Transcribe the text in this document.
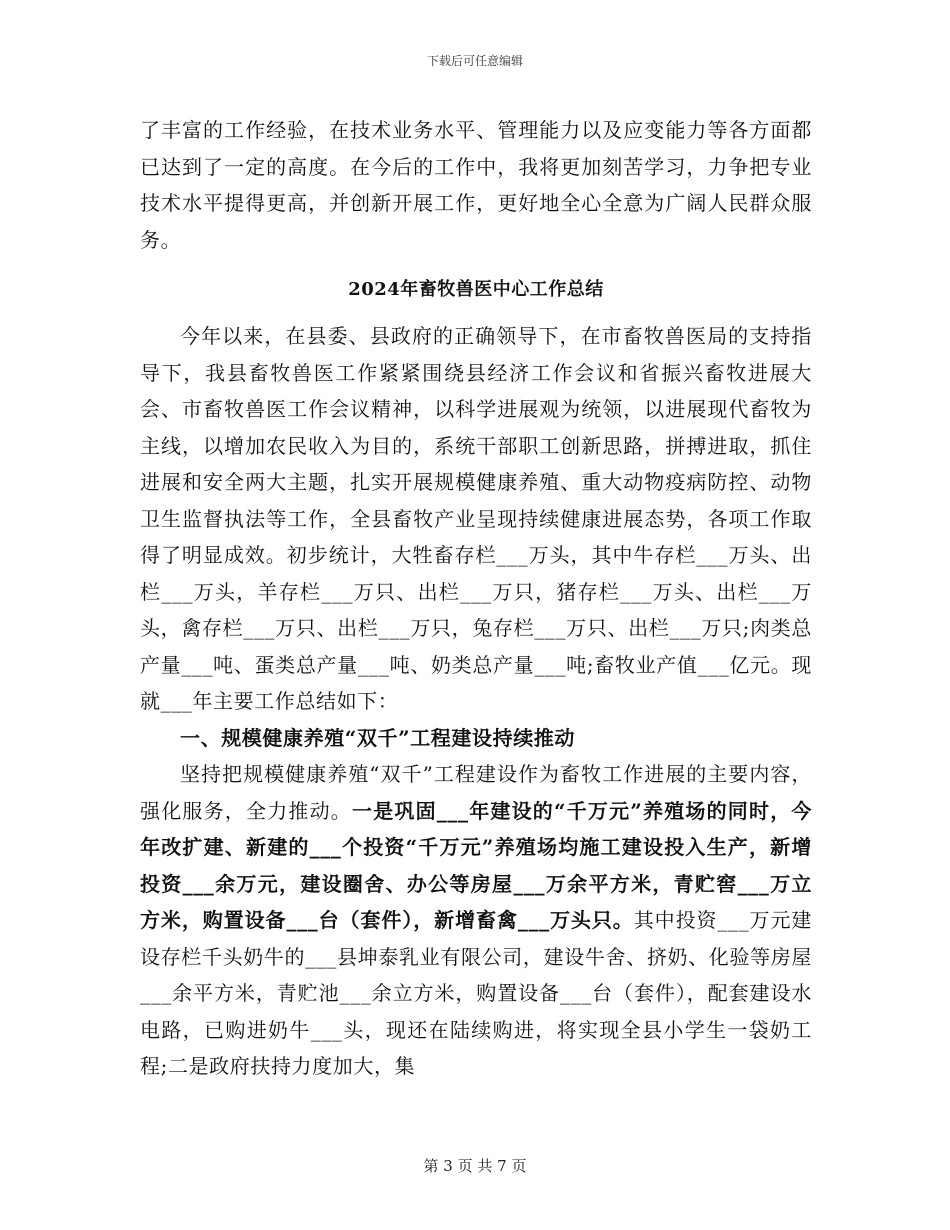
下载后可任意编辑

了丰富的工作经验，在技术业务水平、管理能力以及应变能力等各方面都已达到了一定的高度。在今后的工作中，我将更加刻苦学习，力争把专业技术水平提得更高，并创新开展工作，更好地全心全意为广阔人民群众服务。

2024年畜牧兽医中心工作总结

今年以来，在县委、县政府的正确领导下，在市畜牧兽医局的支持指导下，我县畜牧兽医工作紧紧围绕县经济工作会议和省振兴畜牧进展大会、市畜牧兽医工作会议精神，以科学进展观为统领，以进展现代畜牧为主线，以增加农民收入为目的，系统干部职工创新思路，拼搏进取，抓住进展和安全两大主题，扎实开展规模健康养殖、重大动物疫病防控、动物卫生监督执法等工作，全县畜牧产业呈现持续健康进展态势，各项工作取得了明显成效。初步统计，大牲畜存栏___万头，其中牛存栏___万头、出栏___万头，羊存栏___万只、出栏___万只，猪存栏___万头、出栏___万头，禽存栏___万只、出栏___万只，兔存栏___万只、出栏___万只;肉类总产量___吨、蛋类总产量___吨、奶类总产量___吨;畜牧业产值___亿元。现就___年主要工作总结如下：

一、规模健康养殖“双千”工程建设持续推动

坚持把规模健康养殖“双千”工程建设作为畜牧工作进展的主要内容，强化服务，全力推动。一是巩固___年建设的“千万元”养殖场的同时，今年改扩建、新建的___个投资“千万元”养殖场均施工建设投入生产，新增投资___余万元，建设圈舍、办公等房屋___万余平方米，青贮窖___万立方米，购置设备___台（套件），新增畜禽___万头只。其中投资___万元建设存栏千头奶牛的___县坤泰乳业有限公司，建设牛舍、挤奶、化验等房屋___余平方米，青贮池___余立方米，购置设备___台（套件），配套建设水电路，已购进奶牛___头，现还在陆续购进，将实现全县小学生一袋奶工程;二是政府扶持力度加大，集

第 3 页 共 7 页
